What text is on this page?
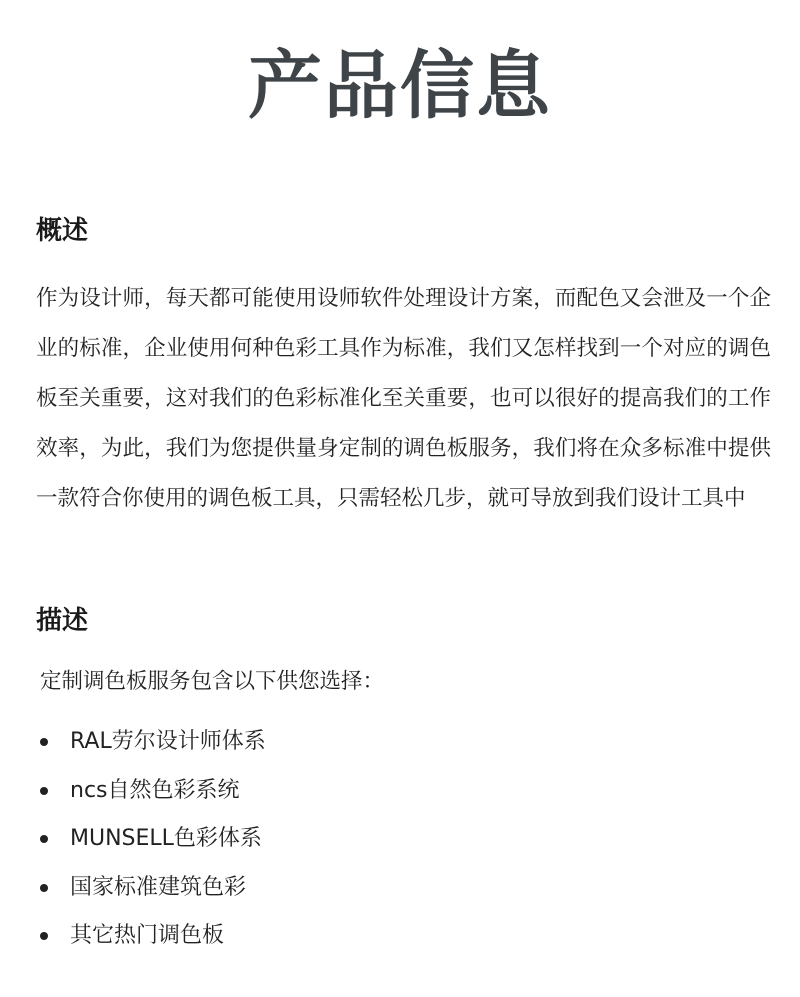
产品信息
概述

作为设计师，每天都可能使用设师软件处理设计方案，而配色又会泄及一个企业的标准，企业使用何种色彩工具作为标准，我们又怎样找到一个对应的调色板至关重要，这对我们的色彩标准化至关重要，也可以很好的提高我们的工作效率，为此，我们为您提供量身定制的调色板服务，我们将在众多标准中提供一款符合你使用的调色板工具，只需轻松几步，就可导放到我们设计工具中

描述

定制调色板服务包含以下供您选择：

RAL劳尔设计师体系
ncs自然色彩系统
MUNSELL色彩体系
国家标准建筑色彩
其它热门调色板
